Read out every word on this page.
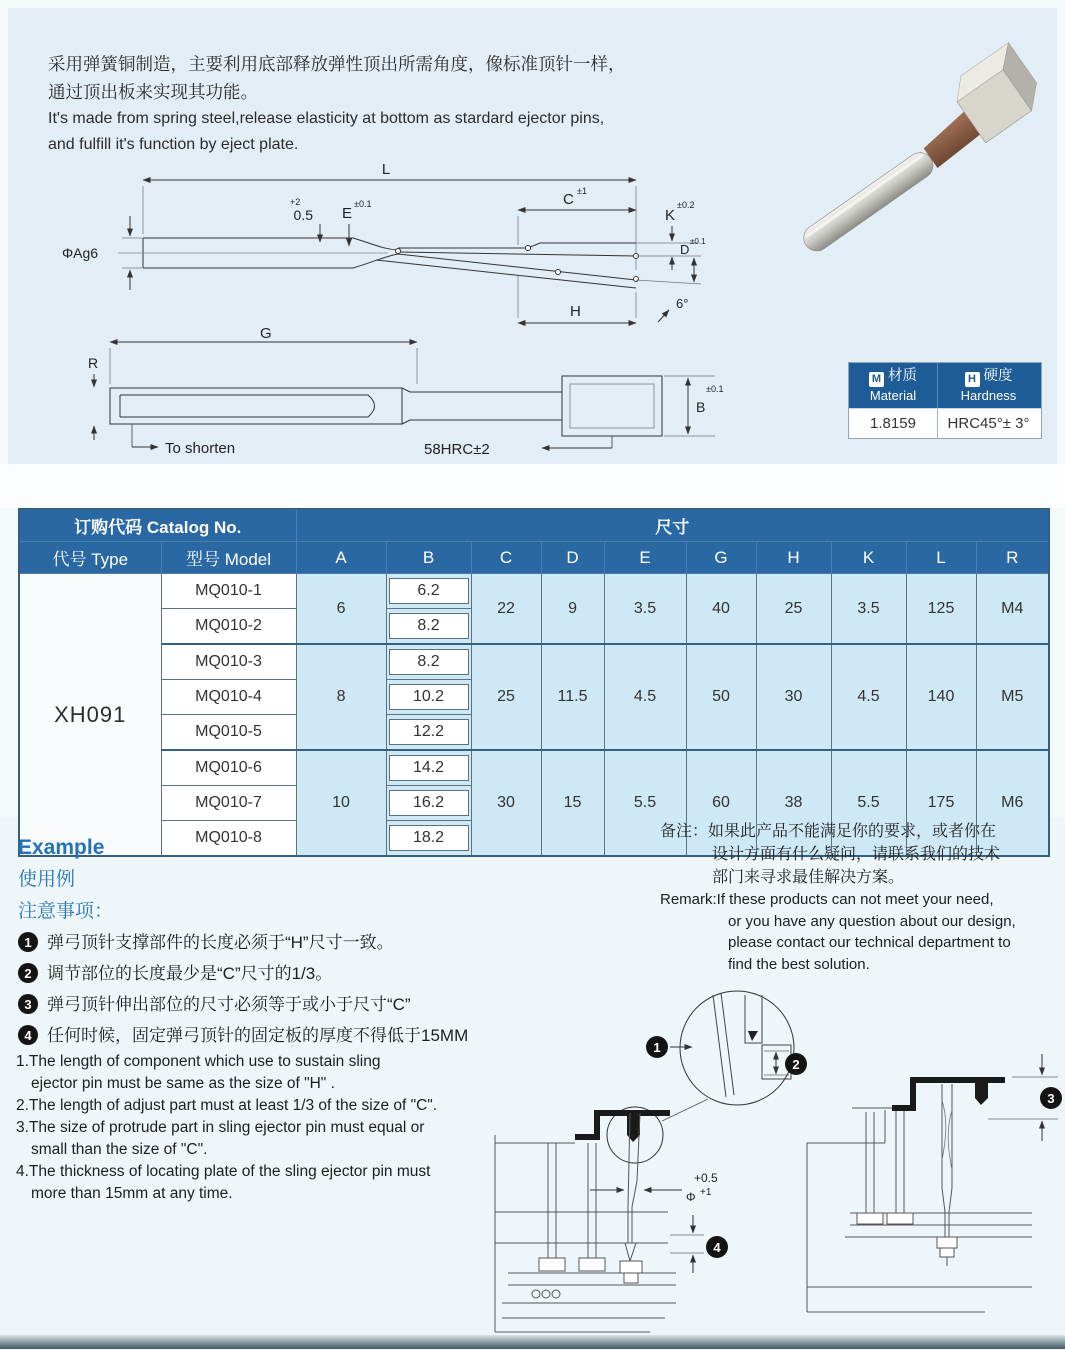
采用弹簧铜制造，主要利用底部释放弹性顶出所需角度，像标准顶针一样，
通过顶出板来实现其功能。
It's made from spring steel,release elasticity at bottom as stardard ejector pins,
and fulfill it's function by eject plate.
L
ΦAg6
0.5
+2
E
±0.1	C ±1
K
±0.2
D
±0.1
6°
H
G
R
B
±0.1
To shorten	58HRC±2
M 材质
Material
H 硬度
Hardness
1.8159	HRC45°± 3°
订购代码 Catalog No.		尺寸									
代号 Type	型号 Model	A	B	C	D	E	G	H	K	L	R
XH091	MQ010-1	6	6.2	22	9	3.5	40	25	3.5	125	M4
	MQ010-2		8.2								

	MQ010-3	8	8.2	25	11.5	4.5	50	30	4.5	140	M5
	MQ010-4		10.2								

	MQ010-5		12.2								

	MQ010-6	10	14.2	30	15	5.5	60	38	5.5	175	M6
	MQ010-7		16.2								

	MQ010-8		18.2								
Example
使用例
注意事项：
1 弹弓顶针支撑部件的长度必须于“H”尺寸一致。
2 调节部位的长度最少是“C”尺寸的1/3。
3 弹弓顶针伸出部位的尺寸必须等于或小于尺寸“C”
4 任何时候，固定弹弓顶针的固定板的厚度不得低于15MM
1.The length of component which use to sustain sling
ejector pin must be same as the size of "H" .
2.The length of adjust part must at least 1/3 of the size of "C".
3.The size of protrude part in sling ejector pin must equal or
small than the size of "C".
4.The thickness of locating plate of the sling ejector pin must
more than 15mm at any time.
备注：如果此产品不能满足你的要求，或者你在
设计方面有什么疑问，请联系我们的技术
部门来寻求最佳解决方案。
Remark:If these products can not meet your need,
or you have any question about our design,
please contact our technical department to
find the best solution.
1
2
+0.5
Φ +1
4
3
